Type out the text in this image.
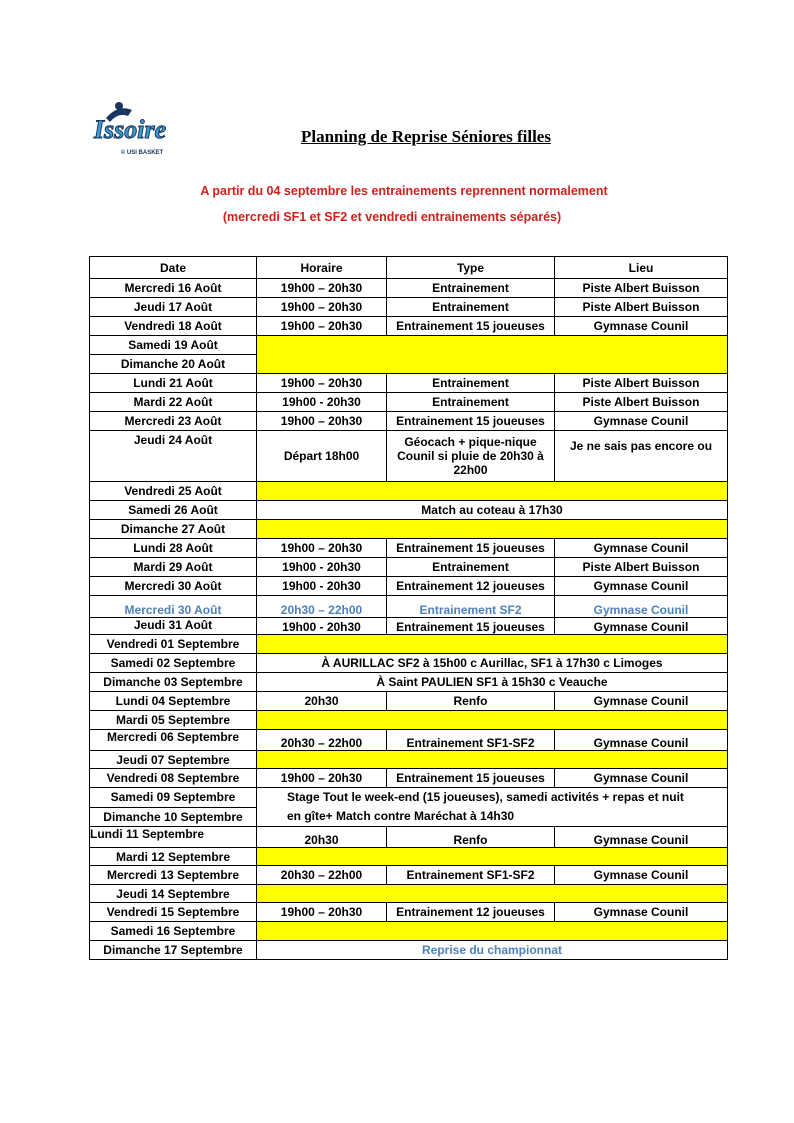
Issoire
© USI BASKET
Planning de Reprise Séniores filles
A partir du 04 septembre les entrainements reprennent normalement
(mercredi SF1 et SF2 et vendredi entrainements séparés)
Date	Horaire	Type	Lieu
Mercredi 16 Août	19h00 – 20h30	Entrainement	Piste Albert Buisson
Jeudi 17 Août	19h00 – 20h30	Entrainement	Piste Albert Buisson
Vendredi 18 Août	19h00 – 20h30	Entrainement 15 joueuses	Gymnase Counil
Samedi 19 Août			
Dimanche 20 Août			
Lundi 21 Août	19h00 – 20h30	Entrainement	Piste Albert Buisson
Mardi 22 Août	19h00 - 20h30	Entrainement	Piste Albert Buisson
Mercredi 23 Août	19h00 – 20h30	Entrainement 15 joueuses	Gymnase Counil
Jeudi 24 Août	Départ 18h00	Géocach + pique-nique Counil si pluie de 20h30 à 22h00	Je ne sais pas encore ou
Vendredi 25 Août			
Samedi 26 Août	Match au coteau à 17h30		
Dimanche 27 Août			
Lundi 28 Août	19h00 – 20h30	Entrainement 15 joueuses	Gymnase Counil
Mardi 29 Août	19h00 - 20h30	Entrainement	Piste Albert Buisson
Mercredi 30 Août	19h00 - 20h30	Entrainement 12 joueuses	Gymnase Counil
Mercredi 30 Août	20h30 – 22h00	Entrainement SF2	Gymnase Counil
Jeudi 31 Août	19h00 - 20h30	Entrainement 15 joueuses	Gymnase Counil
Vendredi 01 Septembre			
Samedi 02 Septembre	À AURILLAC SF2 à 15h00 c Aurillac, SF1 à 17h30 c Limoges		
Dimanche 03 Septembre	À Saint PAULIEN SF1 à 15h30 c Veauche		
Lundi 04 Septembre	20h30	Renfo	Gymnase Counil
Mardi 05 Septembre			
Mercredi 06 Septembre	20h30 – 22h00	Entrainement SF1-SF2	Gymnase Counil
Jeudi 07 Septembre			
Vendredi 08 Septembre	19h00 – 20h30	Entrainement 15 joueuses	Gymnase Counil
Samedi 09 Septembre	Stage Tout le week-end (15 joueuses), samedi activités + repas et nuit en gîte+ Match contre Maréchat à 14h30		
Dimanche 10 Septembre			
Lundi 11 Septembre	20h30	Renfo	Gymnase Counil
Mardi 12 Septembre			
Mercredi 13 Septembre	20h30 – 22h00	Entrainement SF1-SF2	Gymnase Counil
Jeudi 14 Septembre			
Vendredi 15 Septembre	19h00 – 20h30	Entrainement 12 joueuses	Gymnase Counil
Samedi 16 Septembre			
Dimanche 17 Septembre	Reprise du championnat		
